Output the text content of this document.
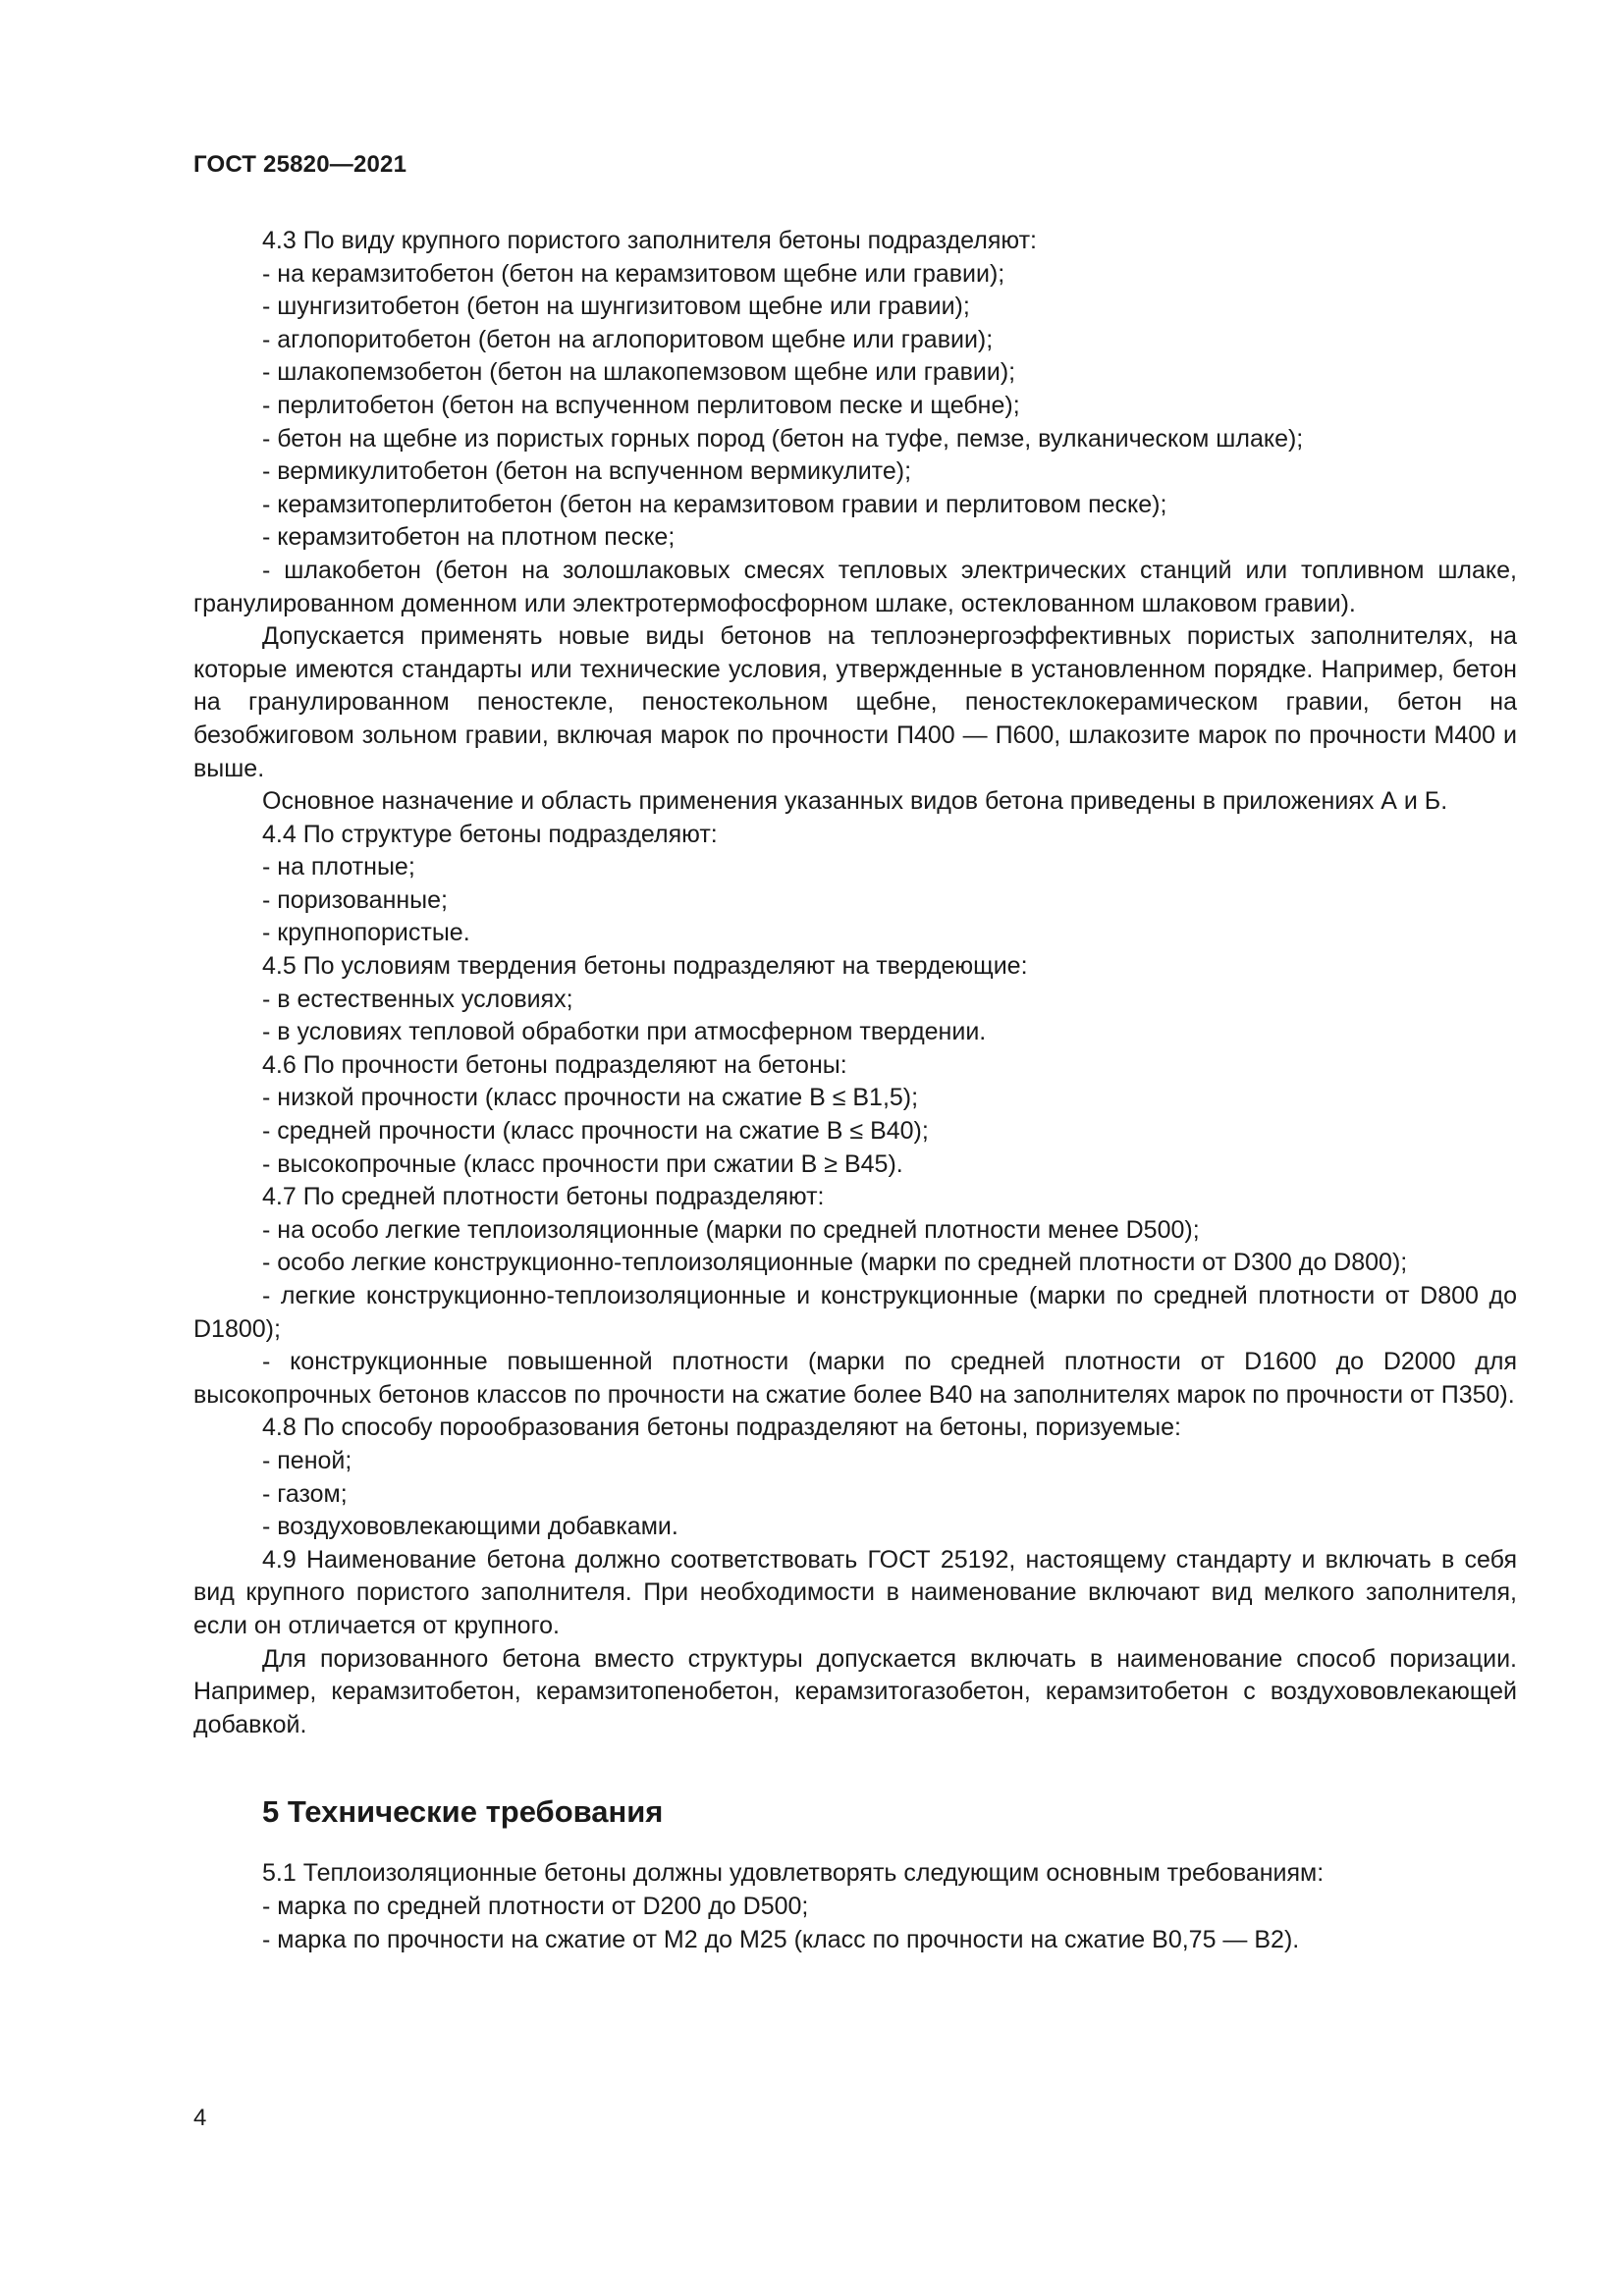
ГОСТ 25820—2021

4.3 По виду крупного пористого заполнителя бетоны подразделяют:

- на керамзитобетон (бетон на керамзитовом щебне или гравии);

- шунгизитобетон (бетон на шунгизитовом щебне или гравии);

- аглопоритобетон (бетон на аглопоритовом щебне или гравии);

- шлакопемзобетон (бетон на шлакопемзовом щебне или гравии);

- перлитобетон (бетон на вспученном перлитовом песке и щебне);

- бетон на щебне из пористых горных пород (бетон на туфе, пемзе, вулканическом шлаке);

- вермикулитобетон (бетон на вспученном вермикулите);

- керамзитоперлитобетон (бетон на керамзитовом гравии и перлитовом песке);

- керамзитобетон на плотном песке;

- шлакобетон (бетон на золошлаковых смесях тепловых электрических станций или топливном шлаке, гранулированном доменном или электротермофосфорном шлаке, остеклованном шлаковом гравии).

Допускается применять новые виды бетонов на теплоэнергоэффективных пористых заполнителях, на которые имеются стандарты или технические условия, утвержденные в установленном порядке. Например, бетон на гранулированном пеностекле, пеностекольном щебне, пеностеклокерамическом гравии, бетон на безобжиговом зольном гравии, включая марок по прочности П400 — П600, шлакозите марок по прочности М400 и выше.

Основное назначение и область применения указанных видов бетона приведены в приложениях А и Б.

4.4 По структуре бетоны подразделяют:

- на плотные;

- поризованные;

- крупнопористые.

4.5 По условиям твердения бетоны подразделяют на твердеющие:

- в естественных условиях;

- в условиях тепловой обработки при атмосферном твердении.

4.6 По прочности бетоны подразделяют на бетоны:

- низкой прочности (класс прочности на сжатие В ≤ В1,5);

- средней прочности (класс прочности на сжатие В ≤ В40);

- высокопрочные (класс прочности при сжатии В ≥ В45).

4.7 По средней плотности бетоны подразделяют:

- на особо легкие теплоизоляционные (марки по средней плотности менее D500);

- особо легкие конструкционно-теплоизоляционные (марки по средней плотности от D300 до D800);

- легкие конструкционно-теплоизоляционные и конструкционные (марки по средней плотности от D800 до D1800);

- конструкционные повышенной плотности (марки по средней плотности от D1600 до D2000 для высокопрочных бетонов классов по прочности на сжатие более В40 на заполнителях марок по прочности от П350).

4.8 По способу порообразования бетоны подразделяют на бетоны, поризуемые:

- пеной;

- газом;

- воздухововлекающими добавками.

4.9 Наименование бетона должно соответствовать ГОСТ 25192, настоящему стандарту и включать в себя вид крупного пористого заполнителя. При необходимости в наименование включают вид мелкого заполнителя, если он отличается от крупного.

Для поризованного бетона вместо структуры допускается включать в наименование способ поризации. Например, керамзитобетон, керамзитопенобетон, керамзитогазобетон, керамзитобетон с воздухововлекающей добавкой.

5 Технические требования

5.1 Теплоизоляционные бетоны должны удовлетворять следующим основным требованиям:

- марка по средней плотности от D200 до D500;

- марка по прочности на сжатие от М2 до М25 (класс по прочности на сжатие В0,75 — В2).

4
